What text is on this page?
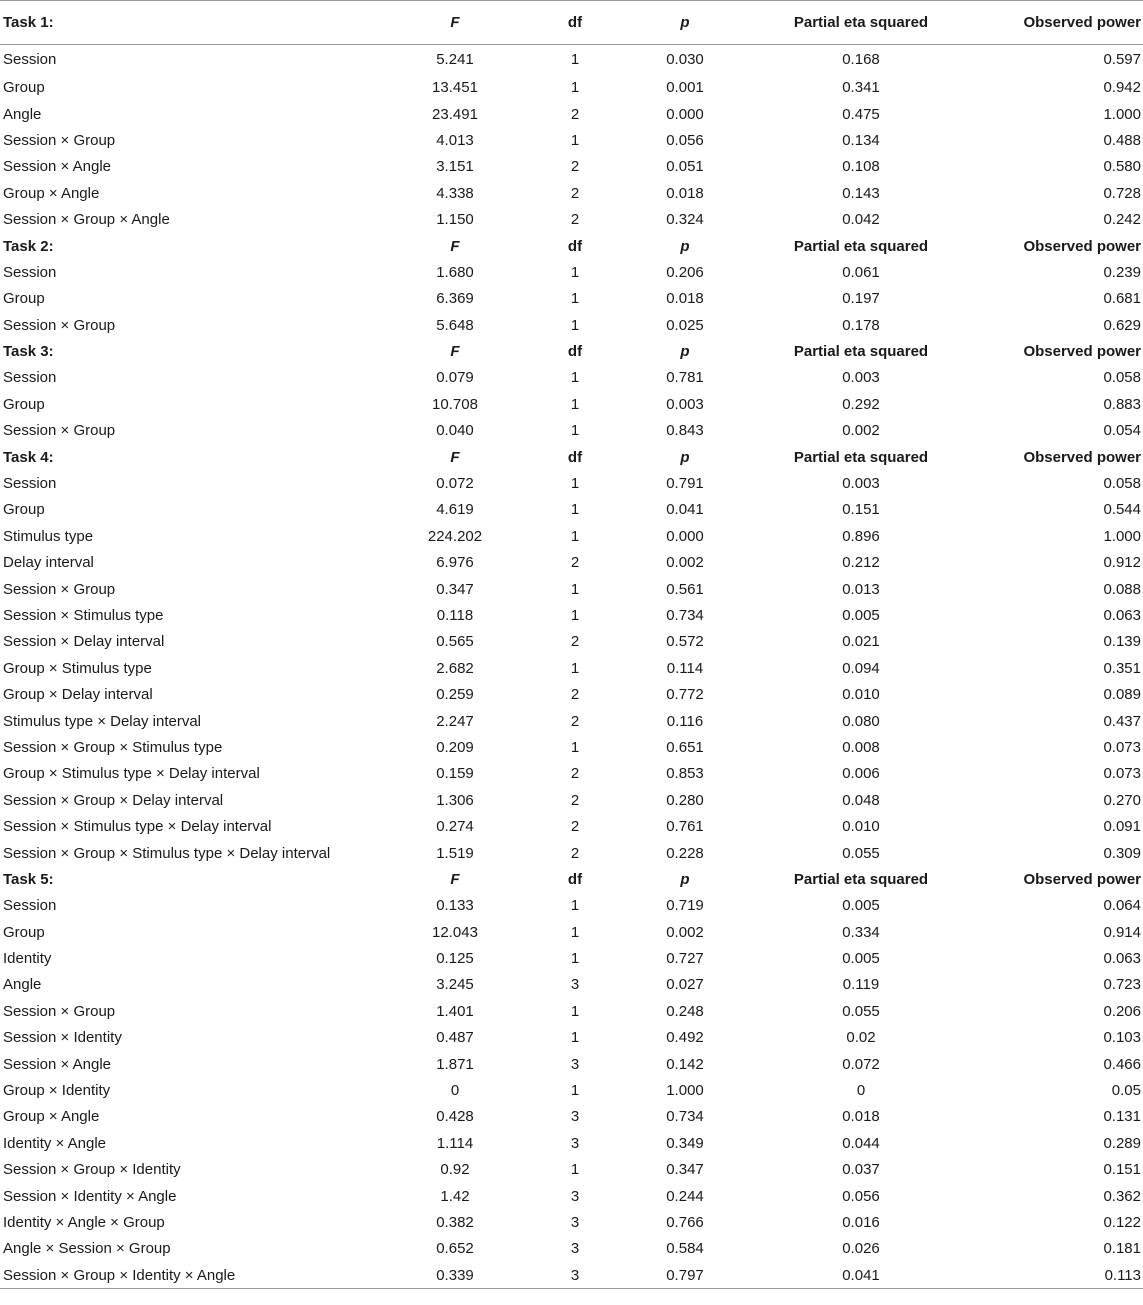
Task 1:	F	df	p	Partial eta squared	Observed power
Session	5.241	1	0.030	0.168	0.597
Group	13.451	1	0.001	0.341	0.942
Angle	23.491	2	0.000	0.475	1.000
Session × Group	4.013	1	0.056	0.134	0.488
Session × Angle	3.151	2	0.051	0.108	0.580
Group × Angle	4.338	2	0.018	0.143	0.728
Session × Group × Angle	1.150	2	0.324	0.042	0.242
Task 2:	F	df	p	Partial eta squared	Observed power
Session	1.680	1	0.206	0.061	0.239
Group	6.369	1	0.018	0.197	0.681
Session × Group	5.648	1	0.025	0.178	0.629
Task 3:	F	df	p	Partial eta squared	Observed power
Session	0.079	1	0.781	0.003	0.058
Group	10.708	1	0.003	0.292	0.883
Session × Group	0.040	1	0.843	0.002	0.054
Task 4:	F	df	p	Partial eta squared	Observed power
Session	0.072	1	0.791	0.003	0.058
Group	4.619	1	0.041	0.151	0.544
Stimulus type	224.202	1	0.000	0.896	1.000
Delay interval	6.976	2	0.002	0.212	0.912
Session × Group	0.347	1	0.561	0.013	0.088
Session × Stimulus type	0.118	1	0.734	0.005	0.063
Session × Delay interval	0.565	2	0.572	0.021	0.139
Group × Stimulus type	2.682	1	0.114	0.094	0.351
Group × Delay interval	0.259	2	0.772	0.010	0.089
Stimulus type × Delay interval	2.247	2	0.116	0.080	0.437
Session × Group × Stimulus type	0.209	1	0.651	0.008	0.073
Group × Stimulus type × Delay interval	0.159	2	0.853	0.006	0.073
Session × Group × Delay interval	1.306	2	0.280	0.048	0.270
Session × Stimulus type × Delay interval	0.274	2	0.761	0.010	0.091
Session × Group × Stimulus type × Delay interval	1.519	2	0.228	0.055	0.309
Task 5:	F	df	p	Partial eta squared	Observed power
Session	0.133	1	0.719	0.005	0.064
Group	12.043	1	0.002	0.334	0.914
Identity	0.125	1	0.727	0.005	0.063
Angle	3.245	3	0.027	0.119	0.723
Session × Group	1.401	1	0.248	0.055	0.206
Session × Identity	0.487	1	0.492	0.02	0.103
Session × Angle	1.871	3	0.142	0.072	0.466
Group × Identity	0	1	1.000	0	0.05
Group × Angle	0.428	3	0.734	0.018	0.131
Identity × Angle	1.114	3	0.349	0.044	0.289
Session × Group × Identity	0.92	1	0.347	0.037	0.151
Session × Identity × Angle	1.42	3	0.244	0.056	0.362
Identity × Angle × Group	0.382	3	0.766	0.016	0.122
Angle × Session × Group	0.652	3	0.584	0.026	0.181
Session × Group × Identity × Angle	0.339	3	0.797	0.041	0.113
